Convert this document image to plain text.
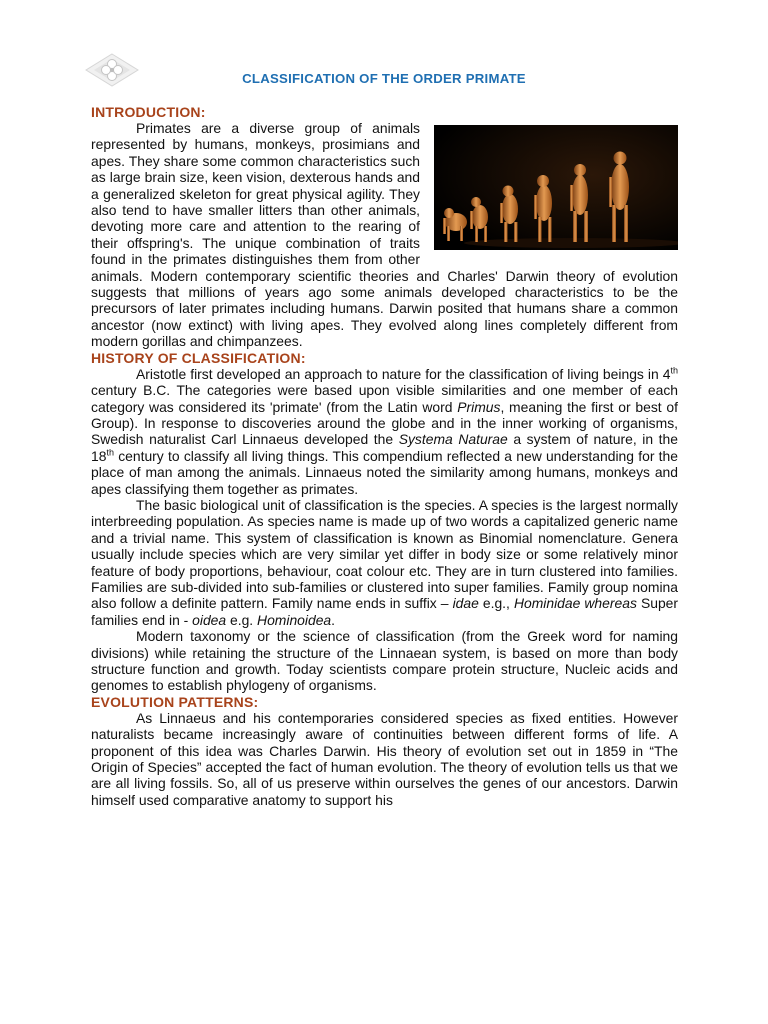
CLASSIFICATION OF THE ORDER PRIMATE
INTRODUCTION:

Primates are a diverse group of animals represented by humans, monkeys, prosimians and apes. They share some common characteristics such as large brain size, keen vision, dexterous hands and a generalized skeleton for great physical agility. They also tend to have smaller litters than other animals, devoting more care and attention to the rearing of their offspring's. The unique combination of traits found in the primates distinguishes them from other animals. Modern contemporary scientific theories and Charles' Darwin theory of evolution suggests that millions of years ago some animals developed characteristics to be the precursors of later primates including humans. Darwin posited that humans share a common ancestor (now extinct) with living apes. They evolved along lines completely different from modern gorillas and chimpanzees.

HISTORY OF CLASSIFICATION:

Aristotle first developed an approach to nature for the classification of living beings in 4th century B.C. The categories were based upon visible similarities and one member of each category was considered its 'primate' (from the Latin word Primus, meaning the first or best of Group). In response to discoveries around the globe and in the inner working of organisms, Swedish naturalist Carl Linnaeus developed the Systema Naturae a system of nature, in the 18th century to classify all living things. This compendium reflected a new understanding for the place of man among the animals. Linnaeus noted the similarity among humans, monkeys and apes classifying them together as primates.

The basic biological unit of classification is the species. A species is the largest normally interbreeding population. As species name is made up of two words a capitalized generic name and a trivial name. This system of classification is known as Binomial nomenclature. Genera usually include species which are very similar yet differ in body size or some relatively minor feature of body proportions, behaviour, coat colour etc. They are in turn clustered into families. Families are sub-divided into sub-families or clustered into super families. Family group nomina also follow a definite pattern. Family name ends in suffix – idae e.g., Hominidae whereas Super families end in - oidea e.g. Hominoidea.

Modern taxonomy or the science of classification (from the Greek word for naming divisions) while retaining the structure of the Linnaean system, is based on more than body structure function and growth. Today scientists compare protein structure, Nucleic acids and genomes to establish phylogeny of organisms.

EVOLUTION PATTERNS:

As Linnaeus and his contemporaries considered species as fixed entities. However naturalists became increasingly aware of continuities between different forms of life. A proponent of this idea was Charles Darwin. His theory of evolution set out in 1859 in “The Origin of Species” accepted the fact of human evolution. The theory of evolution tells us that we are all living fossils. So, all of us preserve within ourselves the genes of our ancestors. Darwin himself used comparative anatomy to support his
